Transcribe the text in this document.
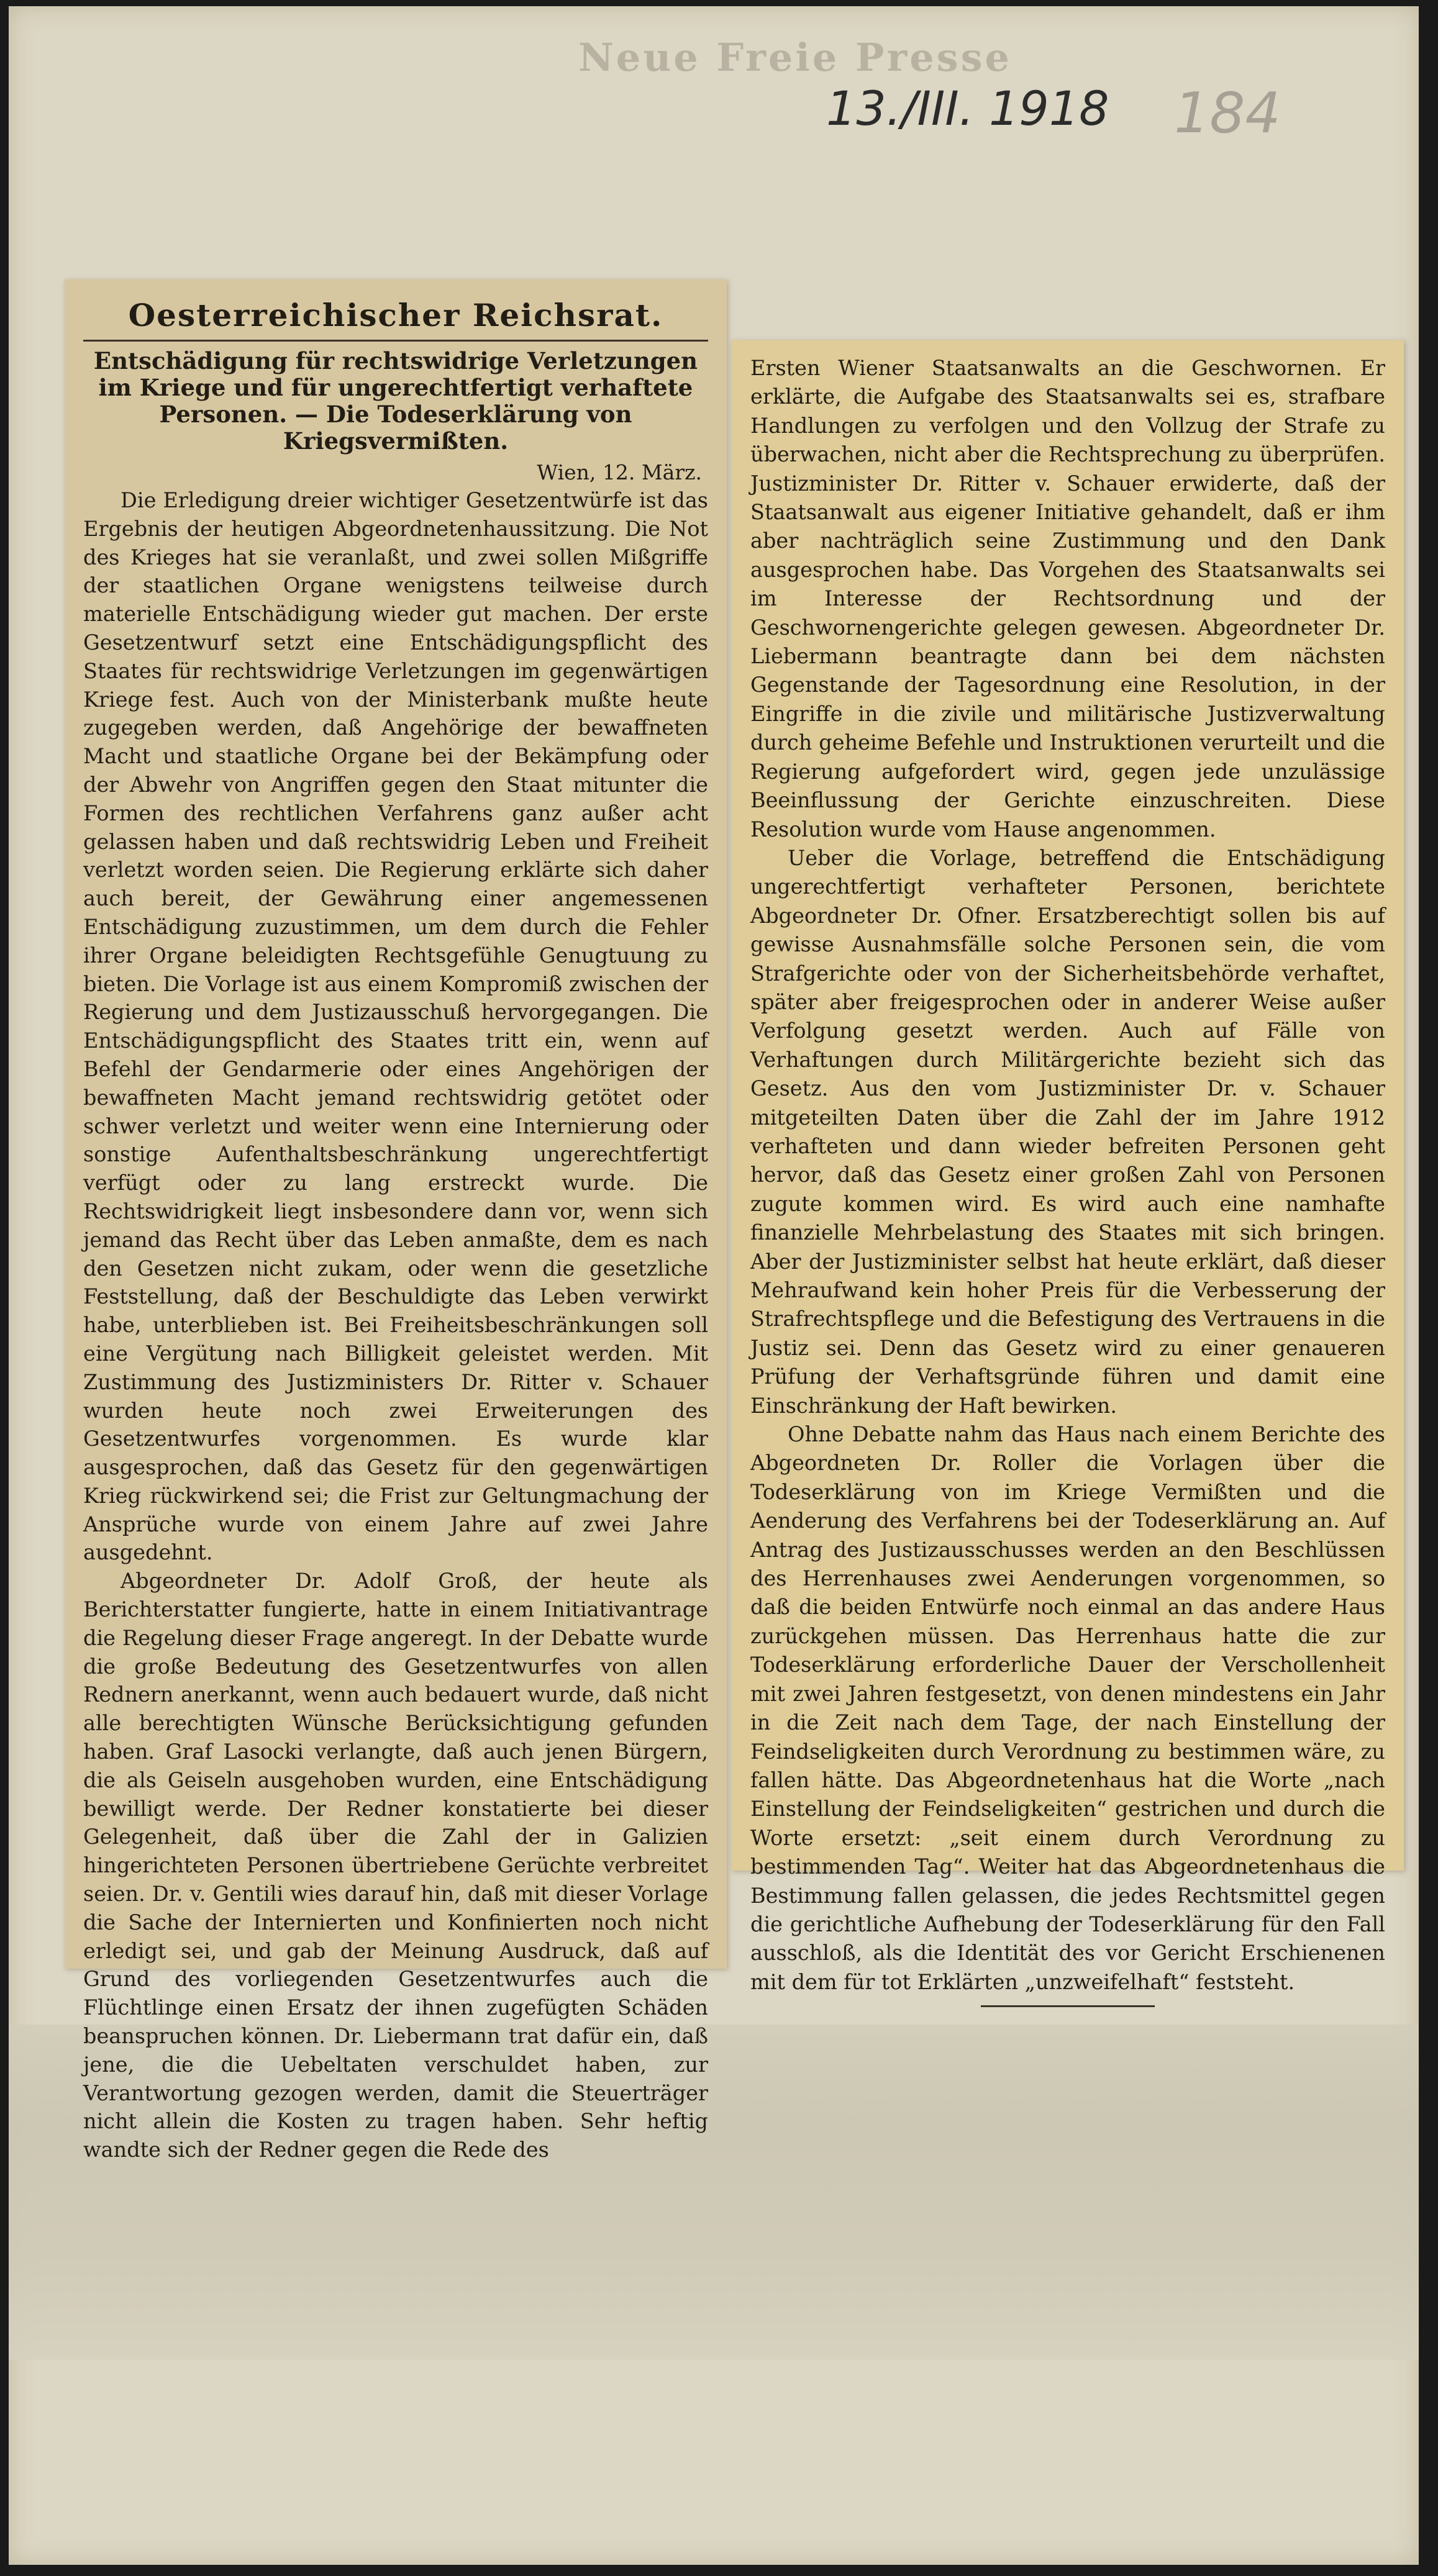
Neue Freie Presse
13./III. 1918 184
Oesterreichischer Reichsrat.
Entschädigung für rechtswidrige Verletzungen im Kriege und für ungerechtfertigt verhaftete Personen. — Die Todeserklärung von Kriegsvermißten.
Wien, 12. März.

Die Erledigung dreier wichtiger Gesetzentwürfe ist das Ergebnis der heutigen Abgeordnetenhaussitzung. Die Not des Krieges hat sie veranlaßt, und zwei sollen Mißgriffe der staatlichen Organe wenigstens teilweise durch materielle Entschädigung wieder gut machen. Der erste Gesetzentwurf setzt eine Entschädigungspflicht des Staates für rechtswidrige Verletzungen im gegenwärtigen Kriege fest. Auch von der Ministerbank mußte heute zugegeben werden, daß Angehörige der bewaffneten Macht und staatliche Organe bei der Bekämpfung oder der Abwehr von Angriffen gegen den Staat mitunter die Formen des rechtlichen Verfahrens ganz außer acht gelassen haben und daß rechtswidrig Leben und Freiheit verletzt worden seien. Die Regierung erklärte sich daher auch bereit, der Gewährung einer angemessenen Entschädigung zuzustimmen, um dem durch die Fehler ihrer Organe beleidigten Rechtsgefühle Genugtuung zu bieten. Die Vorlage ist aus einem Kompromiß zwischen der Regierung und dem Justizausschuß hervorgegangen. Die Entschädigungspflicht des Staates tritt ein, wenn auf Befehl der Gendarmerie oder eines Angehörigen der bewaffneten Macht jemand rechtswidrig getötet oder schwer verletzt und weiter wenn eine Internierung oder sonstige Aufenthaltsbeschränkung ungerechtfertigt verfügt oder zu lang erstreckt wurde. Die Rechtswidrigkeit liegt insbesondere dann vor, wenn sich jemand das Recht über das Leben anmaßte, dem es nach den Gesetzen nicht zukam, oder wenn die gesetzliche Feststellung, daß der Beschuldigte das Leben verwirkt habe, unterblieben ist. Bei Freiheitsbeschränkungen soll eine Vergütung nach Billigkeit geleistet werden. Mit Zustimmung des Justizministers Dr. Ritter v. Schauer wurden heute noch zwei Erweiterungen des Gesetzentwurfes vorgenommen. Es wurde klar ausgesprochen, daß das Gesetz für den gegenwärtigen Krieg rückwirkend sei; die Frist zur Geltungmachung der Ansprüche wurde von einem Jahre auf zwei Jahre ausgedehnt.

Abgeordneter Dr. Adolf Groß, der heute als Berichterstatter fungierte, hatte in einem Initiativantrage die Regelung dieser Frage angeregt. In der Debatte wurde die große Bedeutung des Gesetzentwurfes von allen Rednern anerkannt, wenn auch bedauert wurde, daß nicht alle berechtigten Wünsche Berücksichtigung gefunden haben. Graf Lasocki verlangte, daß auch jenen Bürgern, die als Geiseln ausgehoben wurden, eine Entschädigung bewilligt werde. Der Redner konstatierte bei dieser Gelegenheit, daß über die Zahl der in Galizien hingerichteten Personen übertriebene Gerüchte verbreitet seien. Dr. v. Gentili wies darauf hin, daß mit dieser Vorlage die Sache der Internierten und Konfinierten noch nicht erledigt sei, und gab der Meinung Ausdruck, daß auf Grund des vorliegenden Gesetzentwurfes auch die Flüchtlinge einen Ersatz der ihnen zugefügten Schäden beanspruchen können. Dr. Liebermann trat dafür ein, daß jene, die die Uebeltaten verschuldet haben, zur Verantwortung gezogen werden, damit die Steuerträger nicht allein die Kosten zu tragen haben. Sehr heftig wandte sich der Redner gegen die Rede des

Ersten Wiener Staatsanwalts an die Geschwornen. Er erklärte, die Aufgabe des Staatsanwalts sei es, strafbare Handlungen zu verfolgen und den Vollzug der Strafe zu überwachen, nicht aber die Rechtsprechung zu überprüfen. Justizminister Dr. Ritter v. Schauer erwiderte, daß der Staatsanwalt aus eigener Initiative gehandelt, daß er ihm aber nachträglich seine Zustimmung und den Dank ausgesprochen habe. Das Vorgehen des Staatsanwalts sei im Interesse der Rechtsordnung und der Geschwornengerichte gelegen gewesen. Abgeordneter Dr. Liebermann beantragte dann bei dem nächsten Gegenstande der Tagesordnung eine Resolution, in der Eingriffe in die zivile und militärische Justizverwaltung durch geheime Befehle und Instruktionen verurteilt und die Regierung aufgefordert wird, gegen jede unzulässige Beeinflussung der Gerichte einzuschreiten. Diese Resolution wurde vom Hause angenommen.

Ueber die Vorlage, betreffend die Entschädigung ungerechtfertigt verhafteter Personen, berichtete Abgeordneter Dr. Ofner. Ersatzberechtigt sollen bis auf gewisse Ausnahmsfälle solche Personen sein, die vom Strafgerichte oder von der Sicherheitsbehörde verhaftet, später aber freigesprochen oder in anderer Weise außer Verfolgung gesetzt werden. Auch auf Fälle von Verhaftungen durch Militärgerichte bezieht sich das Gesetz. Aus den vom Justizminister Dr. v. Schauer mitgeteilten Daten über die Zahl der im Jahre 1912 verhafteten und dann wieder befreiten Personen geht hervor, daß das Gesetz einer großen Zahl von Personen zugute kommen wird. Es wird auch eine namhafte finanzielle Mehrbelastung des Staates mit sich bringen. Aber der Justizminister selbst hat heute erklärt, daß dieser Mehraufwand kein hoher Preis für die Verbesserung der Strafrechtspflege und die Befestigung des Vertrauens in die Justiz sei. Denn das Gesetz wird zu einer genaueren Prüfung der Verhaftsgründe führen und damit eine Einschränkung der Haft bewirken.

Ohne Debatte nahm das Haus nach einem Berichte des Abgeordneten Dr. Roller die Vorlagen über die Todeserklärung von im Kriege Vermißten und die Aenderung des Verfahrens bei der Todeserklärung an. Auf Antrag des Justizausschusses werden an den Beschlüssen des Herrenhauses zwei Aenderungen vorgenommen, so daß die beiden Entwürfe noch einmal an das andere Haus zurückgehen müssen. Das Herrenhaus hatte die zur Todeserklärung erforderliche Dauer der Verschollenheit mit zwei Jahren festgesetzt, von denen mindestens ein Jahr in die Zeit nach dem Tage, der nach Einstellung der Feindseligkeiten durch Verordnung zu bestimmen wäre, zu fallen hätte. Das Abgeordnetenhaus hat die Worte „nach Einstellung der Feindseligkeiten“ gestrichen und durch die Worte ersetzt: „seit einem durch Verordnung zu bestimmenden Tag“. Weiter hat das Abgeordnetenhaus die Bestimmung fallen gelassen, die jedes Rechtsmittel gegen die gerichtliche Aufhebung der Todeserklärung für den Fall ausschloß, als die Identität des vor Gericht Erschienenen mit dem für tot Erklärten „unzweifelhaft“ feststeht.
